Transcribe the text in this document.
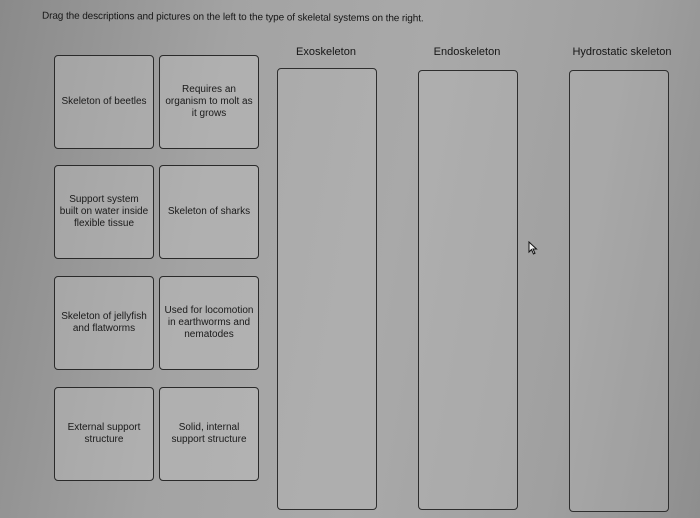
Drag the descriptions and pictures on the left to the type of skeletal systems on the right.
Skeleton of beetles
Requires an organism to molt as it grows
Support system built on water inside flexible tissue
Skeleton of sharks
Skeleton of jellyfish and flatworms
Used for locomotion in earthworms and nematodes
External support structure
Solid, internal support structure
Exoskeleton	Endoskeleton	Hydrostatic skeleton
